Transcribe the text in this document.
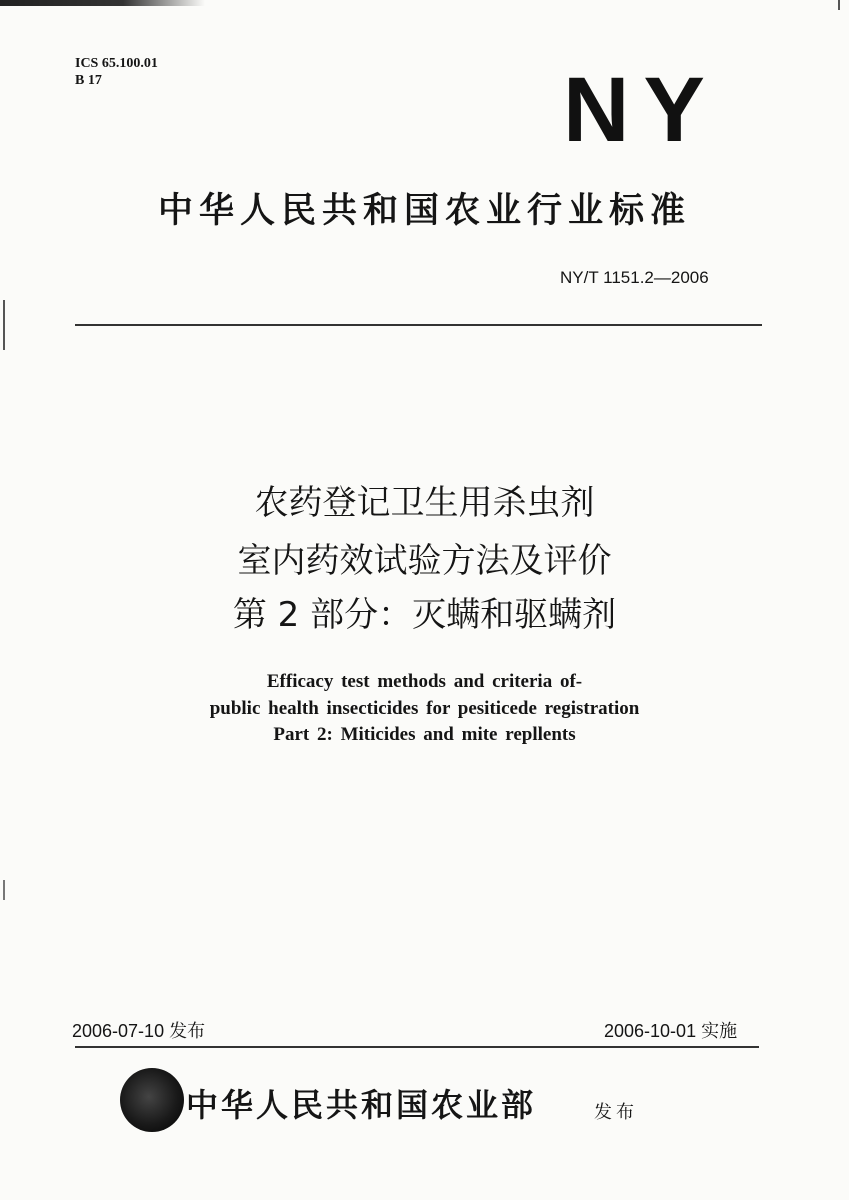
ICS 65.100.01
B 17	NY
中华人民共和国农业行业标准
NY/T 1151.2—2006
农药登记卫生用杀虫剂
室内药效试验方法及评价
第 2 部分：灭螨和驱螨剂
Efficacy test methods and criteria of-
public health insecticides for pesiticede registration
Part 2: Miticides and mite repllents
2006-07-10 发布	2006-10-01 实施
中华人民共和国农业部	发布
